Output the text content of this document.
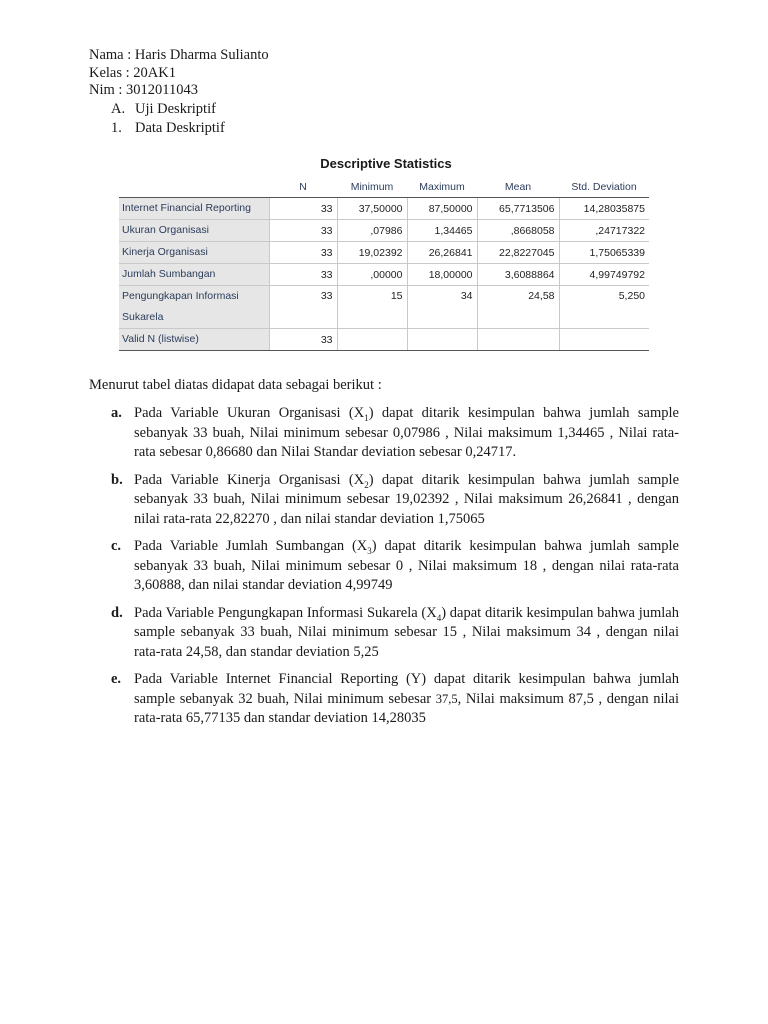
Nama : Haris Dharma Sulianto
Kelas : 20AK1
Nim : 3012011043
A. Uji Deskriptif
1. Data Deskriptif
Descriptive Statistics
	N	Minimum	Maximum	Mean	Std. Deviation
Internet Financial Reporting	33	37,50000	87,50000	65,7713506	14,28035875
Ukuran Organisasi	33	,07986	1,34465	,8668058	,24717322
Kinerja Organisasi	33	19,02392	26,26841	22,8227045	1,75065339
Jumlah Sumbangan	33	,00000	18,00000	3,6088864	4,99749792
Pengungkapan Informasi
Sukarela	33	15	34	24,58	5,250
Valid N (listwise)	33				
Menurut tabel diatas didapat data sebagai berikut :
a. Pada Variable Ukuran Organisasi $(X_1)$ dapat ditarik kesimpulan bahwa jumlah sample sebanyak 33 buah, Nilai minimum sebesar 0,07986 , Nilai maksimum 1,34465 , Nilai rata-rata sebesar 0,86680 dan Nilai Standar deviation sebesar 0,24717.
b. Pada Variable Kinerja Organisasi $(X_2)$ dapat ditarik kesimpulan bahwa jumlah sample sebanyak 33 buah, Nilai minimum sebesar 19,02392 , Nilai maksimum 26,26841 , dengan nilai rata-rata 22,82270 , dan nilai standar deviation 1,75065
c. Pada Variable Jumlah Sumbangan $(X_3)$ dapat ditarik kesimpulan bahwa jumlah sample sebanyak 33 buah, Nilai minimum sebesar 0 , Nilai maksimum 18 , dengan nilai rata-rata 3,60888, dan nilai standar deviation 4,99749
d. Pada Variable Pengungkapan Informasi Sukarela $(X_4)$ dapat ditarik kesimpulan bahwa jumlah sample sebanyak 33 buah, Nilai minimum sebesar 15 , Nilai maksimum 34 , dengan nilai rata-rata 24,58, dan standar deviation 5,25
e. Pada Variable Internet Financial Reporting (Y) dapat ditarik kesimpulan bahwa jumlah sample sebanyak 32 buah, Nilai minimum sebesar 37,5, Nilai maksimum 87,5 , dengan nilai rata-rata 65,77135 dan standar deviation 14,28035
